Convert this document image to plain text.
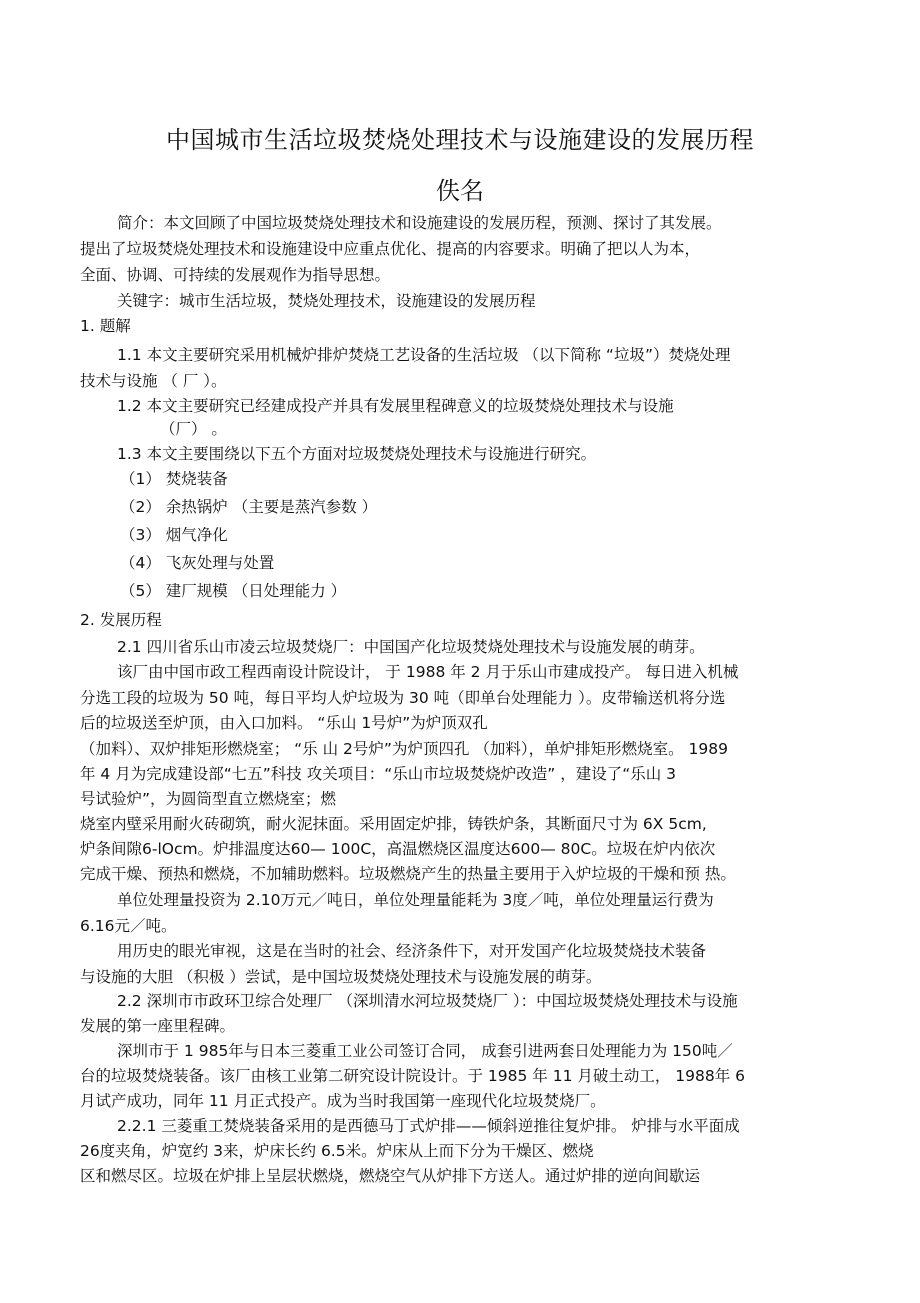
中国城市生活垃圾焚烧处理技术与设施建设的发展历程
佚名
简介：本文回顾了中国垃圾焚烧处理技术和设施建设的发展历程，预测、探讨了其发展。
提出了垃圾焚烧处理技术和设施建设中应重点优化、提高的内容要求。明确了把以人为本，
全面、协调、可持续的发展观作为指导思想。
关键字：城市生活垃圾，焚烧处理技术，设施建设的发展历程
1. 题解
1.1 本文主要研究采用机械炉排炉焚烧工艺设备的生活垃圾 （以下简称 “垃圾”）焚烧处理
技术与设施 （ 厂 ）。
1.2 本文主要研究已经建成投产并具有发展里程碑意义的垃圾焚烧处理技术与设施
（厂） 。
1.3 本文主要围绕以下五个方面对垃圾焚烧处理技术与设施进行研究。
（1） 焚烧装备
（2） 余热锅炉 （主要是蒸汽参数 ）
（3） 烟气净化
（4） 飞灰处理与处置
（5） 建厂规模 （日处理能力 ）
2. 发展历程
2.1 四川省乐山市凌云垃圾焚烧厂：中国国产化垃圾焚烧处理技术与设施发展的萌芽。
该厂由中国市政工程西南设计院设计， 于 1988 年 2 月于乐山市建成投产。 每日进入机械
分选工段的垃圾为 50 吨，每日平均人炉垃圾为 30 吨（即单台处理能力 ）。皮带输送机将分选
后的垃圾送至炉顶，由入口加料。 “乐山 1号炉”为炉顶双孔
（加料）、双炉排矩形燃烧室； “乐 山 2号炉”为炉顶四孔 （加料），单炉排矩形燃烧室。 1989
年 4 月为完成建设部“七五”科技 攻关项目：“乐山市垃圾焚烧炉改造” ，建设了“乐山 3
号试验炉”，为圆筒型直立燃烧室；燃
烧室内壁采用耐火砖砌筑，耐火泥抹面。采用固定炉排，铸铁炉条，其断面尺寸为 6X 5cm,
炉条间隙6-lOcm。炉排温度达60— 100C，高温燃烧区温度达600— 80C。垃圾在炉内依次
完成干燥、预热和燃烧，不加辅助燃料。垃圾燃烧产生的热量主要用于入炉垃圾的干燥和预 热。
单位处理量投资为 2.10万元／吨日，单位处理量能耗为 3度／吨，单位处理量运行费为
6.16元／吨。
用历史的眼光审视，这是在当时的社会、经济条件下，对开发国产化垃圾焚烧技术装备
与设施的大胆 （积极 ）尝试，是中国垃圾焚烧处理技术与设施发展的萌芽。
2.2 深圳市市政环卫综合处理厂 （深圳清水河垃圾焚烧厂 ）：中国垃圾焚烧处理技术与设施
发展的第一座里程碑。
深圳市于 1 985年与日本三菱重工业公司签订合同， 成套引进两套日处理能力为 150吨／
台的垃圾焚烧装备。该厂由核工业第二研究设计院设计。于 1985 年 11 月破土动工， 1988年 6
月试产成功，同年 11 月正式投产。成为当时我国第一座现代化垃圾焚烧厂。
2.2.1 三菱重工焚烧装备采用的是西德马丁式炉排——倾斜逆推往复炉排。 炉排与水平面成
26度夹角，炉宽约 3来，炉床长约 6.5米。炉床从上而下分为干燥区、燃烧
区和燃尽区。垃圾在炉排上呈层状燃烧，燃烧空气从炉排下方送人。通过炉排的逆向间歇运
